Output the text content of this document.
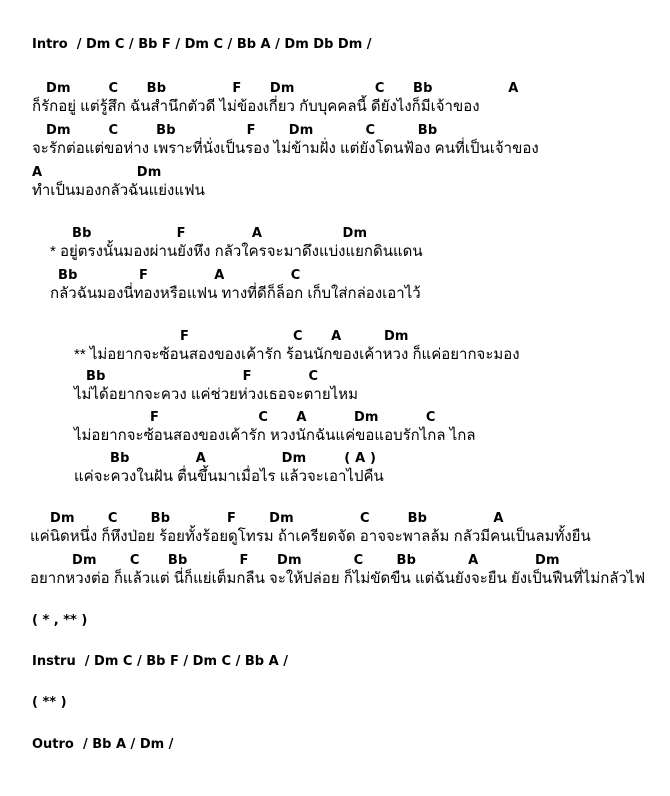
Intro / Dm C / Bb F / Dm C / Bb A / Dm Db Dm /
Dm        C      Bb              F      Dm                 C      Bb                A
ก็รักอยู่ แต่รู้สึก ฉันสำนึกตัวดี ไม่ข้องเกี่ยว กับบุคคลนี้ ดียังไงก็มีเจ้าของ
Dm        C        Bb               F       Dm           C         Bb
จะรักต่อแต่ขอห่าง เพราะที่นั่งเป็นรอง ไม่ข้ามฝั่ง แต่ยังโดนฟ้อง คนที่เป็นเจ้าของ
A                    Dm
ทำเป็นมองกลัวฉันแย่งแฟน
Bb                  F              A                 Dm
* อยู่ตรงนั้นมองผ่านยังหึง กลัวใครจะมาดึงแบ่งแยกดินแดน
Bb             F              A              C
กลัวฉันมองนี่ทองหรือแฟน ทางที่ดีก็ล็อก เก็บใส่กล่องเอาไว้
F                      C      A         Dm
** ไม่อยากจะซ้อนสองของเค้ารัก ร้อนนักของเค้าหวง ก็แค่อยากจะมอง
Bb                             F            C
ไม่ได้อยากจะควง แค่ช่วยห่วงเธอจะตายไหม
F                     C      A          Dm          C
ไม่อยากจะซ้อนสองของเค้ารัก หวงนักฉันแค่ขอแอบรักไกล ไกล
Bb              A                Dm        ( A )
แค่จะควงในฝัน ตื่นขึ้นมาเมื่อไร แล้วจะเอาไปคืน
Dm       C       Bb            F       Dm              C        Bb              A
แค่นิดหนึ่ง ก็หึงป่อย ร้อยทั้งร้อยดูโทรม ถ้าเครียดจัด อาจจะพาลล้ม กลัวมีคนเป็นลมทั้งยืน
Dm       C      Bb           F      Dm           C       Bb           A            Dm
อยากหวงต่อ ก็แล้วแต่ นี่ก็แย่เต็มกลืน จะให้ปล่อย ก็ไม่ขัดขืน แต่ฉันยังจะยืน ยังเป็นฟืนที่ไม่กลัวไฟ
( * , ** )
Instru / Dm C / Bb F / Dm C / Bb A /
( ** )
Outro / Bb A / Dm /
